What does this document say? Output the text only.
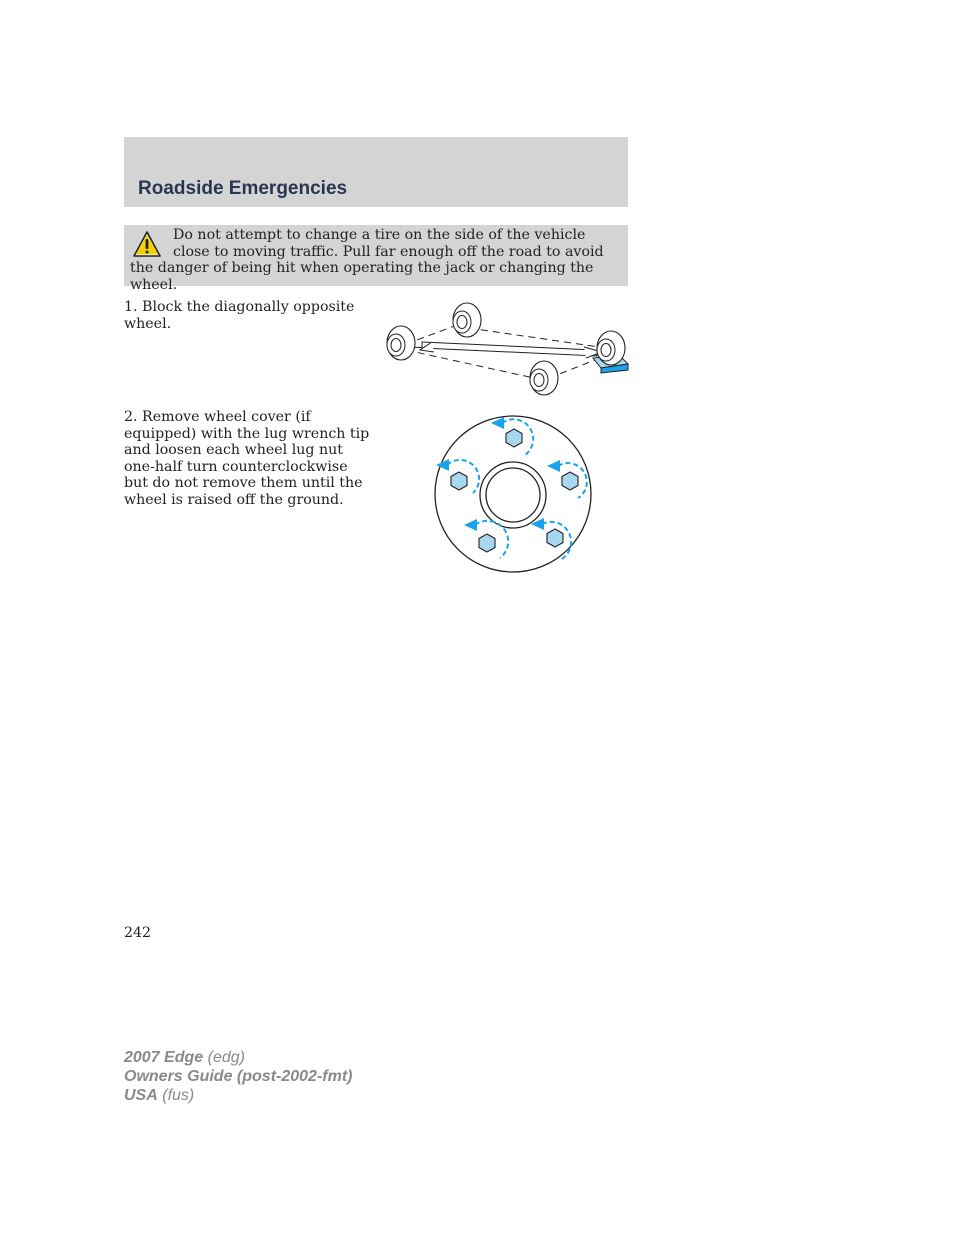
Roadside Emergencies
Do not attempt to change a tire on the side of the vehicle close to moving traffic. Pull far enough off the road to avoid the danger of being hit when operating the jack or changing the wheel.
1. Block the diagonally opposite wheel.
2. Remove wheel cover (if equipped) with the lug wrench tip and loosen each wheel lug nut one-half turn counterclockwise but do not remove them until the wheel is raised off the ground.
242
2007 Edge (edg)
Owners Guide (post-2002-fmt)
USA (fus)
